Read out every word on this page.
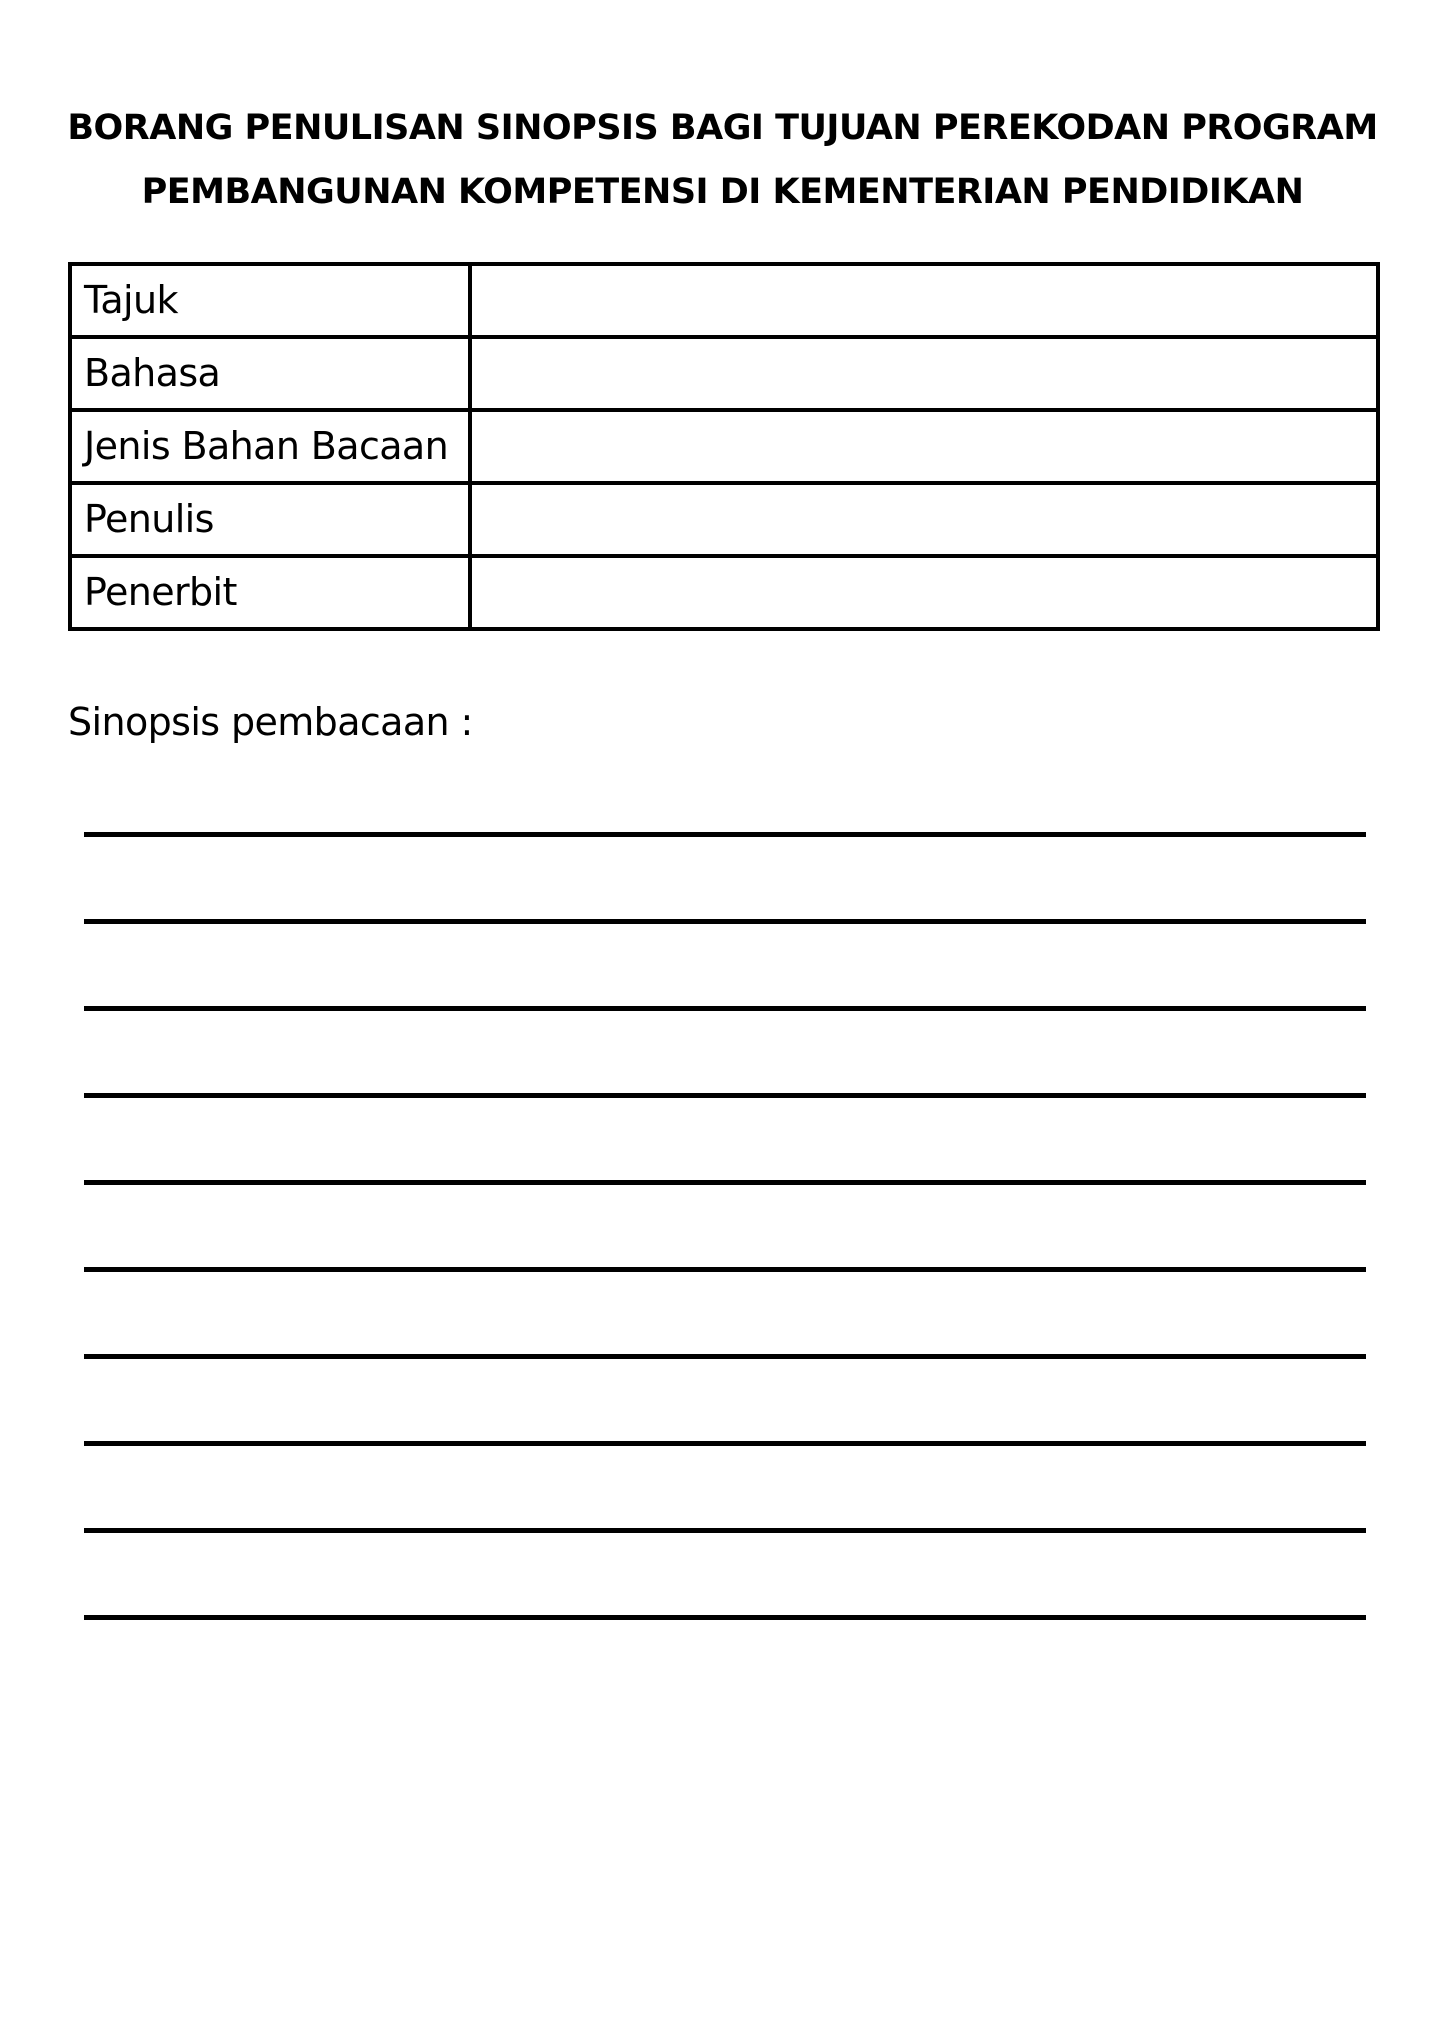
BORANG PENULISAN SINOPSIS BAGI TUJUAN PEREKODAN PROGRAM
PEMBANGUNAN KOMPETENSI DI KEMENTERIAN PENDIDIKAN
Tajuk	
Bahasa	
Jenis Bahan Bacaan	
Penulis	
Penerbit	
Sinopsis pembacaan :
